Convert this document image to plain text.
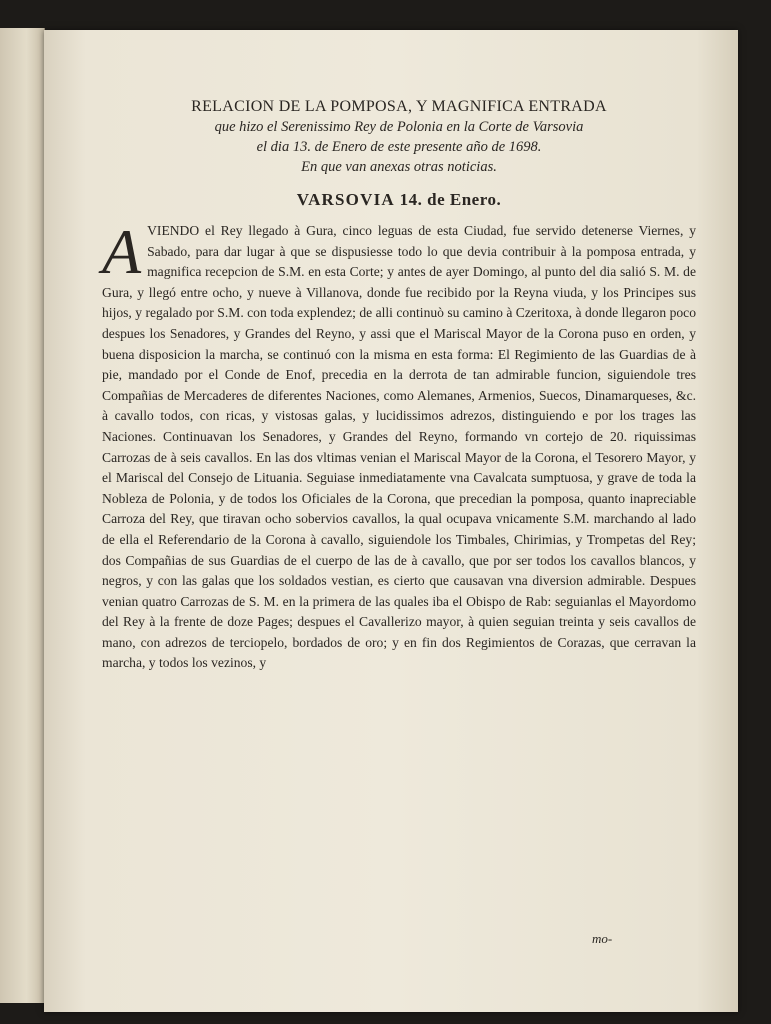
RELACION DE LA POMPOSA, Y MAGNIFICA ENTRADA

que hizo el Serenissimo Rey de Polonia en la Corte de Varsovia

el dia 13. de Enero de este presente año de 1698.

En que van anexas otras noticias.

VARSOVIA 14. de Enero.

A VIENDO el Rey llegado à Gura, cinco leguas de esta Ciudad, fue servido detenerse Viernes, y Sabado, para dar lugar à que se dispusiesse todo lo que devia contribuir à la pomposa entrada, y magnifica recepcion de S.M. en esta Corte; y antes de ayer Domingo, al punto del dia salió S. M. de Gura, y llegó entre ocho, y nueve à Villanova, donde fue recibido por la Reyna viuda, y los Principes sus hijos, y regalado por S.M. con toda explendez; de alli continuò su camino à Czeritoxa, à donde llegaron poco despues los Senadores, y Grandes del Reyno, y assi que el Mariscal Mayor de la Corona puso en orden, y buena disposicion la marcha, se continuó con la misma en esta forma: El Regimiento de las Guardias de à pie, mandado por el Conde de Enof, precedia en la derrota de tan admirable funcion, siguiendole tres Compañias de Mercaderes de diferentes Naciones, como Alemanes, Armenios, Suecos, Dinamarqueses, &c. à cavallo todos, con ricas, y vistosas galas, y lucidissimos adrezos, distinguiendo e por los trages las Naciones. Continuavan los Senadores, y Grandes del Reyno, formando vn cortejo de 20. riquissimas Carrozas de à seis cavallos. En las dos vltimas venian el Mariscal Mayor de la Corona, el Tesorero Mayor, y el Mariscal del Consejo de Lituania. Seguiase inmediatamente vna Cavalcata sumptuosa, y grave de toda la Nobleza de Polonia, y de todos los Oficiales de la Corona, que precedian la pomposa, quanto inapreciable Carroza del Rey, que tiravan ocho sobervios cavallos, la qual ocupava vnicamente S.M. marchando al lado de ella el Referendario de la Corona à cavallo, siguiendole los Timbales, Chirimias, y Trompetas del Rey; dos Compañias de sus Guardias de el cuerpo de las de à cavallo, que por ser todos los cavallos blancos, y negros, y con las galas que los soldados vestian, es cierto que causavan vna diversion admirable. Despues venian quatro Carrozas de S. M. en la primera de las quales iba el Obispo de Rab: seguianlas el Mayordomo del Rey à la frente de doze Pages; despues el Cavallerizo mayor, à quien seguian treinta y seis cavallos de mano, con adrezos de terciopelo, bordados de oro; y en fin dos Regimientos de Corazas, que cerravan la marcha, y todos los vezinos, y

mo-
